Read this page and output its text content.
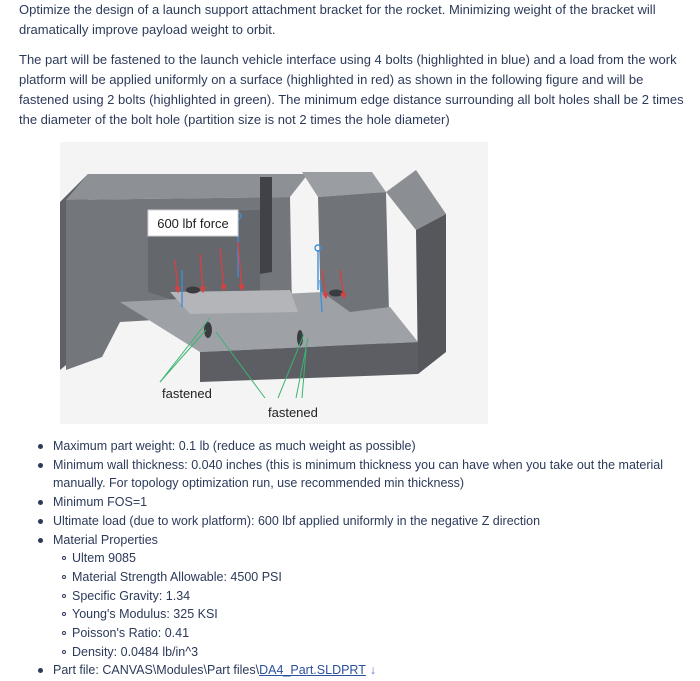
Optimize the design of a launch support attachment bracket for the rocket. Minimizing weight of the bracket will dramatically improve payload weight to orbit.

The part will be fastened to the launch vehicle interface using 4 bolts (highlighted in blue) and a load from the work platform will be applied uniformly on a surface (highlighted in red) as shown in the following figure and will be fastened using 2 bolts (highlighted in green). The minimum edge distance surrounding all bolt holes shall be 2 times the diameter of the bolt hole (partition size is not 2 times the hole diameter)

600 lbf force
fastened
fastened
Maximum part weight: 0.1 lb (reduce as much weight as possible)
Minimum wall thickness: 0.040 inches (this is minimum thickness you can have when you take out the material manually. For topology optimization run, use recommended min thickness)
Minimum FOS=1
Ultimate load (due to work platform): 600 lbf applied uniformly in the negative Z direction
Material Properties
Ultem 9085
Material Strength Allowable: 4500 PSI
Specific Gravity: 1.34
Young's Modulus: 325 KSI
Poisson's Ratio: 0.41
Density: 0.0484 lb/in^3
Part file: CANVAS\Modules\Part files\DA4_Part.SLDPRT ↓
